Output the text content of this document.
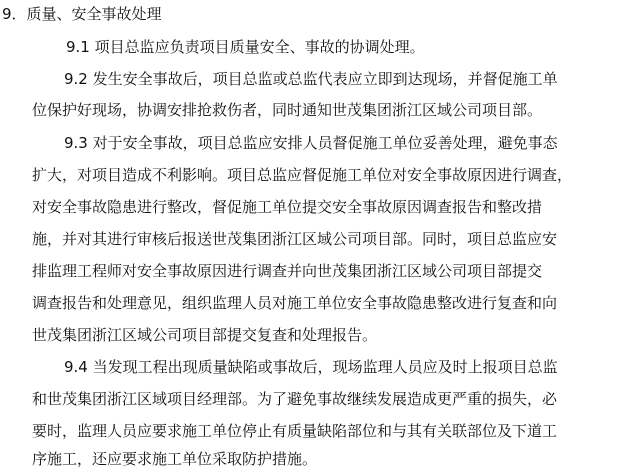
9．质量、安全事故处理
9.1 项目总监应负责项目质量安全、事故的协调处理。
9.2 发生安全事故后，项目总监或总监代表应立即到达现场，并督促施工单
位保护好现场，协调安排抢救伤者，同时通知世茂集团浙江区域公司项目部。
9.3 对于安全事故，项目总监应安排人员督促施工单位妥善处理，避免事态
扩大，对项目造成不利影响。项目总监应督促施工单位对安全事故原因进行调查，
对安全事故隐患进行整改，督促施工单位提交安全事故原因调查报告和整改措
施，并对其进行审核后报送世茂集团浙江区域公司项目部。同时，项目总监应安
排监理工程师对安全事故原因进行调查并向世茂集团浙江区域公司项目部提交
调查报告和处理意见，组织监理人员对施工单位安全事故隐患整改进行复查和向
世茂集团浙江区域公司项目部提交复查和处理报告。
9.4 当发现工程出现质量缺陷或事故后，现场监理人员应及时上报项目总监
和世茂集团浙江区域项目经理部。为了避免事故继续发展造成更严重的损失，必
要时，监理人员应要求施工单位停止有质量缺陷部位和与其有关联部位及下道工
序施工，还应要求施工单位采取防护措施。
